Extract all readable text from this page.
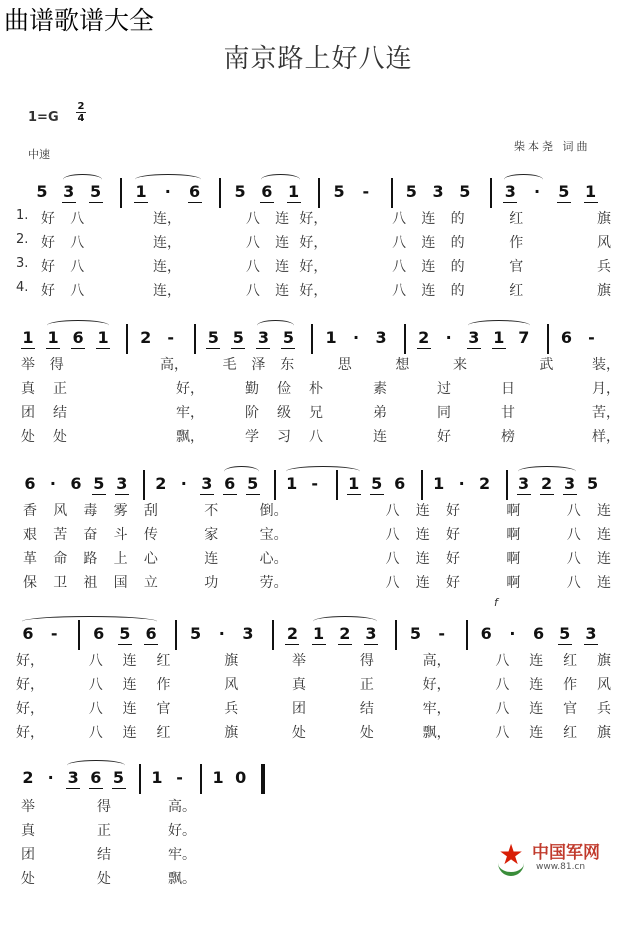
曲谱歌谱大全
南京路上好八连
1=G
2
4
中速
柴本尧 词曲
5 3 5 1	·	6 5 6 1 5	-	5 3 5 3	·	5 1
1. 好	八	连，	八	连 好，	八	连	的	红	旗
2. 好	八	连，	八	连 好，	八	连	的	作	风
3. 好	八	连，	八	连 好，	八	连	的	官	兵
4. 好	八	连，	八	连 好，	八	连	的	红	旗
1 1 6 1 2	-	5 5 3 5 1	·	3 2	·	3 1 7 6	-
举	得	高，	毛	泽	东	思	想	来	武	装，
真	正	好，	勤	俭	朴	素	过	日	月，
团	结	牢，	阶	级	兄	弟	同	甘	苦，
处	处	飘，	学	习	八	连	好	榜	样，
6 · 6 5 3 2 · 3 6 5 1 -	1 5 6 1 · 2 3 2 3 5
香	风	毒	雾	刮	不	倒。	八	连	好	啊	八	连
艰	苦	奋	斗	传	家	宝。	八	连	好	啊	八	连
革	命	路	上	心	连	心。	八	连	好	啊	八	连
保	卫	祖	国	立	功	劳。	八	连	好	啊	八	连
6	-	6 5 6 5	·	3 2 1 2 3 5	-	6	·	6 5 3
好，	八	连	红	旗	举	得	高，	八	连	红	旗
好，	八	连	作	风	真	正	好，	八	连	作	风
好，	八	连	官	兵	团	结	牢，	八	连	官	兵
好，	八	连	红	旗	处	处	飘，	八	连	红	旗
2 · 3 6 5 1 -	1 0
举	得	高。
真	正	好。
团	结	牢。
处	处	飘。
f
★ 中国军网
www.81.cn
